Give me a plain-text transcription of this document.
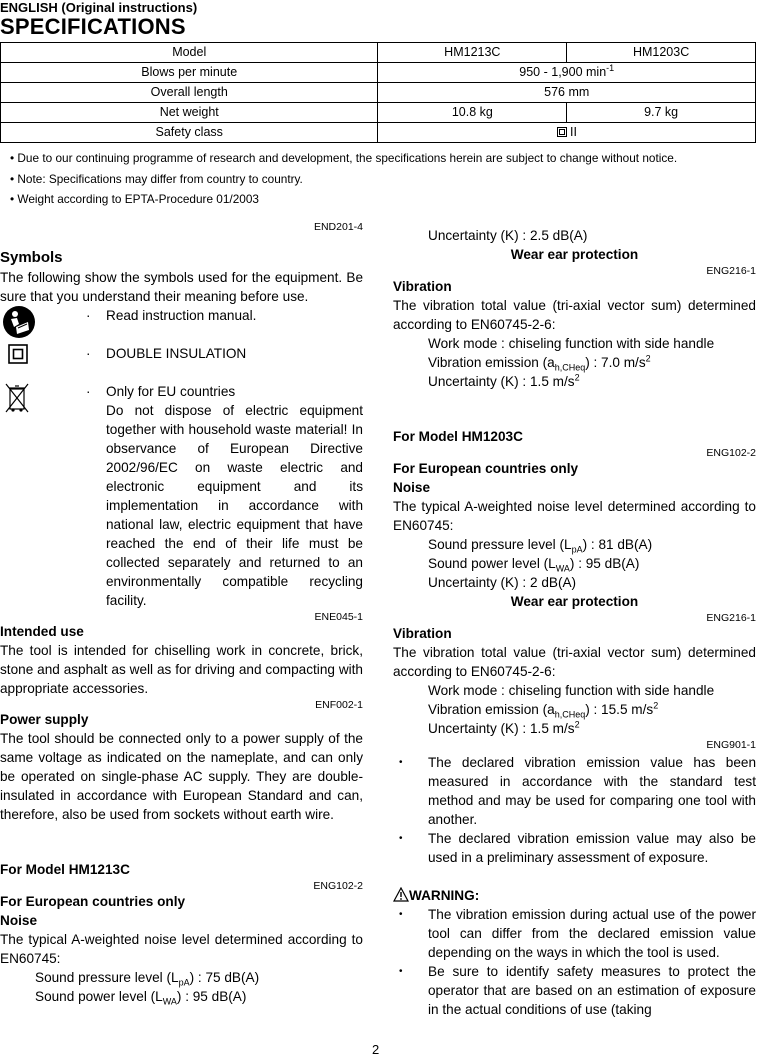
ENGLISH (Original instructions)
SPECIFICATIONS
Model	HM1213C	HM1203C
Blows per minute	950 - 1,900 $\min^{-1}$
Overall length	576 mm	
Net weight	10.8 kg	9.7 kg
Safety class	II	
• Due to our continuing programme of research and development, the specifications herein are subject to change without notice.
• Note: Specifications may differ from country to country.
• Weight according to EPTA-Procedure 01/2003
END201-4
Symbols
The following show the symbols used for the equipment. Be sure that you understand their meaning before use.
· Read instruction manual.
· DOUBLE INSULATION
· Only for EU countries
Do not dispose of electric equipment together with household waste material! In observance of European Directive 2002/96/EC on waste electric and electronic equipment and its implementation in accordance with national law, electric equipment that have reached the end of their life must be collected separately and returned to an environmentally compatible recycling facility.
ENE045-1
Intended use
The tool is intended for chiselling work in concrete, brick, stone and asphalt as well as for driving and compacting with appropriate accessories.
ENF002-1
Power supply
The tool should be connected only to a power supply of the same voltage as indicated on the nameplate, and can only be operated on single-phase AC supply. They are double-insulated in accordance with European Standard and can, therefore, also be used from sockets without earth wire.
For Model HM1213C
ENG102-2
For European countries only
Noise
The typical A-weighted noise level determined according to EN60745:
Sound pressure level $(L_{pA})$ : 75 dB(A)
Sound power level $(L_{WA})$ : 95 dB(A)
Uncertainty (K) : 2.5 dB(A)
Wear ear protection
ENG216-1
Vibration
The vibration total value (tri-axial vector sum) determined according to EN60745-2-6:
Work mode : chiseling function with side handle
Vibration emission $(a_{h,CHeq})$ : 7.0 $m/s^2$
Uncertainty (K) : 1.5 $m/s^2$
For Model HM1203C
ENG102-2
For European countries only
Noise
The typical A-weighted noise level determined according to EN60745:
Sound pressure level $(L_{pA})$ : 81 dB(A)
Sound power level $(L_{WA})$ : 95 dB(A)
Uncertainty (K) : 2 dB(A)
Wear ear protection
ENG216-1
Vibration
The vibration total value (tri-axial vector sum) determined according to EN60745-2-6:
Work mode : chiseling function with side handle
Vibration emission $(a_{h,CHeq})$ : 15.5 $m/s^2$
Uncertainty (K) : 1.5 $m/s^2$
ENG901-1
• The declared vibration emission value has been measured in accordance with the standard test method and may be used for comparing one tool with another.
• The declared vibration emission value may also be used in a preliminary assessment of exposure.
WARNING:
• The vibration emission during actual use of the power tool can differ from the declared emission value depending on the ways in which the tool is used.
• Be sure to identify safety measures to protect the operator that are based on an estimation of exposure in the actual conditions of use (taking
2
